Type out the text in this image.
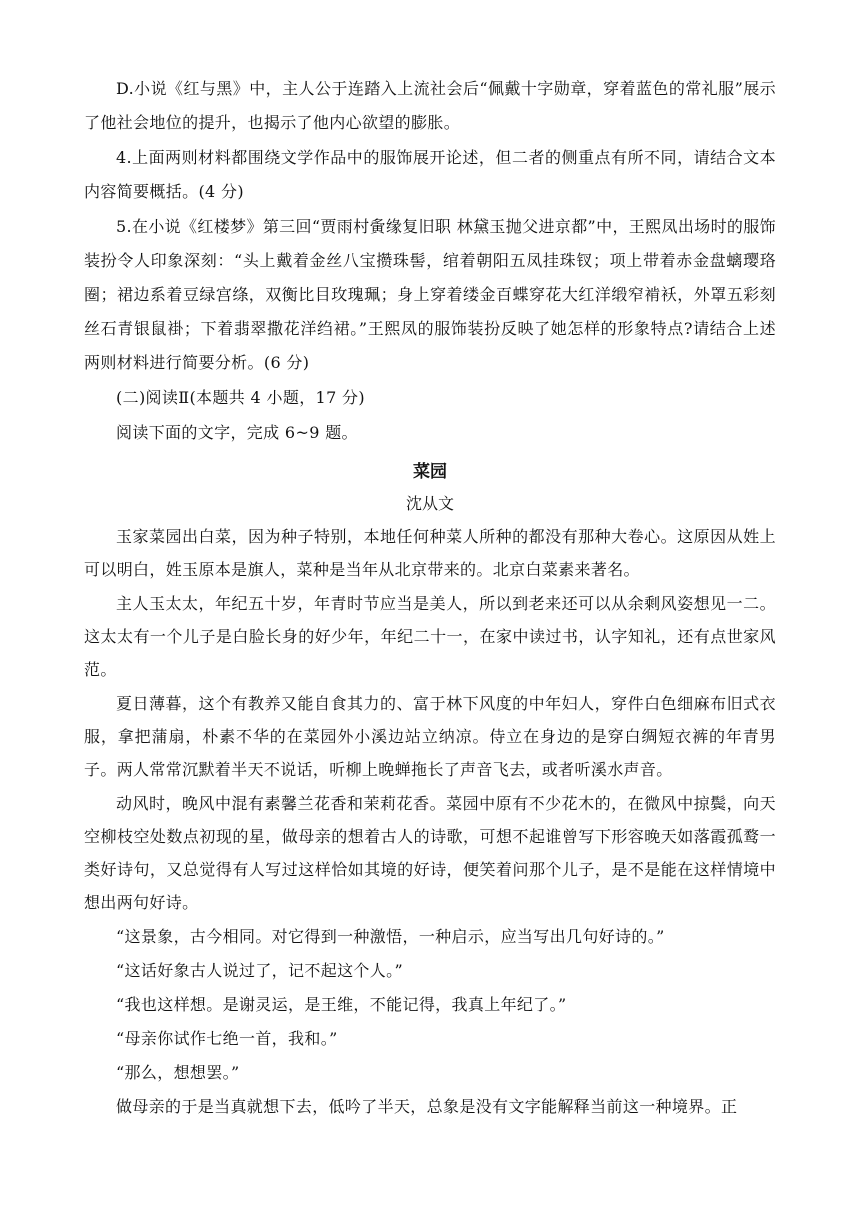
D.小说《红与黑》中，主人公于连踏入上流社会后“佩戴十字勋章，穿着蓝色的常礼服”展示了他社会地位的提升，也揭示了他内心欲望的膨胀。

4.上面两则材料都围绕文学作品中的服饰展开论述，但二者的侧重点有所不同，请结合文本内容简要概括。(4 分)

5.在小说《红楼梦》第三回“贾雨村夤缘复旧职 林黛玉抛父进京都”中，王熙凤出场时的服饰装扮令人印象深刻：“头上戴着金丝八宝攒珠髻，绾着朝阳五凤挂珠钗；项上带着赤金盘螭璎珞圈；裙边系着豆绿宫绦，双衡比目玫瑰珮；身上穿着缕金百蝶穿花大红洋缎窄褃袄，外罩五彩刻丝石青银鼠褂；下着翡翠撒花洋绉裙。”王熙凤的服饰装扮反映了她怎样的形象特点?请结合上述两则材料进行简要分析。(6 分)

(二)阅读Ⅱ(本题共 4 小题，17 分)

阅读下面的文字，完成 6~9 题。

菜园

沈从文

玉家菜园出白菜，因为种子特别，本地任何种菜人所种的都没有那种大卷心。这原因从姓上可以明白，姓玉原本是旗人，菜种是当年从北京带来的。北京白菜素来著名。

主人玉太太，年纪五十岁，年青时节应当是美人，所以到老来还可以从余剩风姿想见一二。这太太有一个儿子是白脸长身的好少年，年纪二十一，在家中读过书，认字知礼，还有点世家风范。

夏日薄暮，这个有教养又能自食其力的、富于林下风度的中年妇人，穿件白色细麻布旧式衣服，拿把蒲扇，朴素不华的在菜园外小溪边站立纳凉。侍立在身边的是穿白绸短衣裤的年青男子。两人常常沉默着半天不说话，听柳上晚蝉拖长了声音飞去，或者听溪水声音。

动风时，晚风中混有素馨兰花香和茉莉花香。菜园中原有不少花木的，在微风中掠鬓，向天空柳枝空处数点初现的星，做母亲的想着古人的诗歌，可想不起谁曾写下形容晚天如落霞孤鹜一类好诗句，又总觉得有人写过这样恰如其境的好诗，便笑着问那个儿子，是不是能在这样情境中想出两句好诗。

“这景象，古今相同。对它得到一种激悟，一种启示，应当写出几句好诗的。”

“这话好象古人说过了，记不起这个人。”

“我也这样想。是谢灵运，是王维，不能记得，我真上年纪了。”

“母亲你试作七绝一首，我和。”

“那么，想想罢。”

做母亲的于是当真就想下去，低吟了半天，总象是没有文字能解释当前这一种境界。正
